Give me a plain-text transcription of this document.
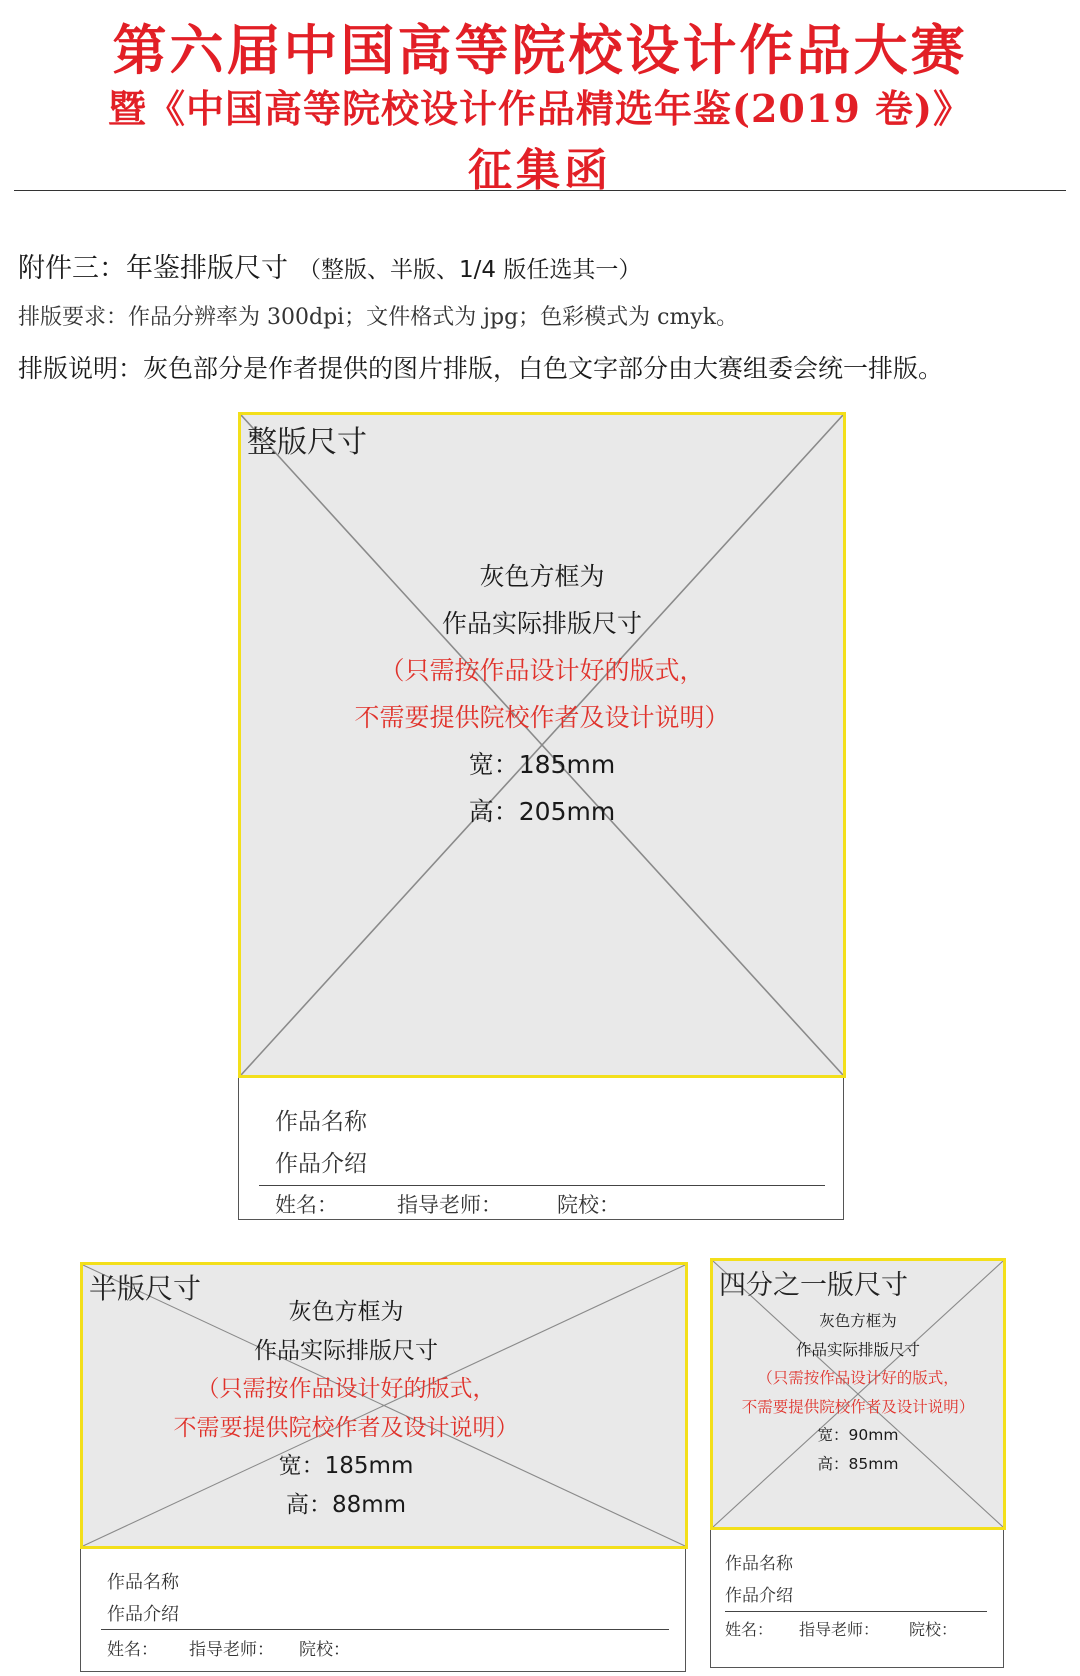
第六届中国高等院校设计作品大赛
暨《中国高等院校设计作品精选年鉴(2019 卷)》
征集函
附件三：年鉴排版尺寸 （整版、半版、1/4 版任选其一）
排版要求：作品分辨率为 300dpi；文件格式为 jpg；色彩模式为 cmyk。
排版说明：灰色部分是作者提供的图片排版，白色文字部分由大赛组委会统一排版。
整版尺寸
灰色方框为
作品实际排版尺寸
（只需按作品设计好的版式，
不需要提供院校作者及设计说明）
宽：185mm
高：205mm
作品名称
作品介绍
姓名：	指导老师：	院校：
半版尺寸
灰色方框为
作品实际排版尺寸
（只需按作品设计好的版式，
不需要提供院校作者及设计说明）
宽：185mm
高：88mm
作品名称
作品介绍
姓名： 指导老师： 院校：
四分之一版尺寸
灰色方框为
作品实际排版尺寸
（只需按作品设计好的版式，
不需要提供院校作者及设计说明）
宽：90mm
高：85mm
作品名称
作品介绍
姓名： 指导老师： 院校：
